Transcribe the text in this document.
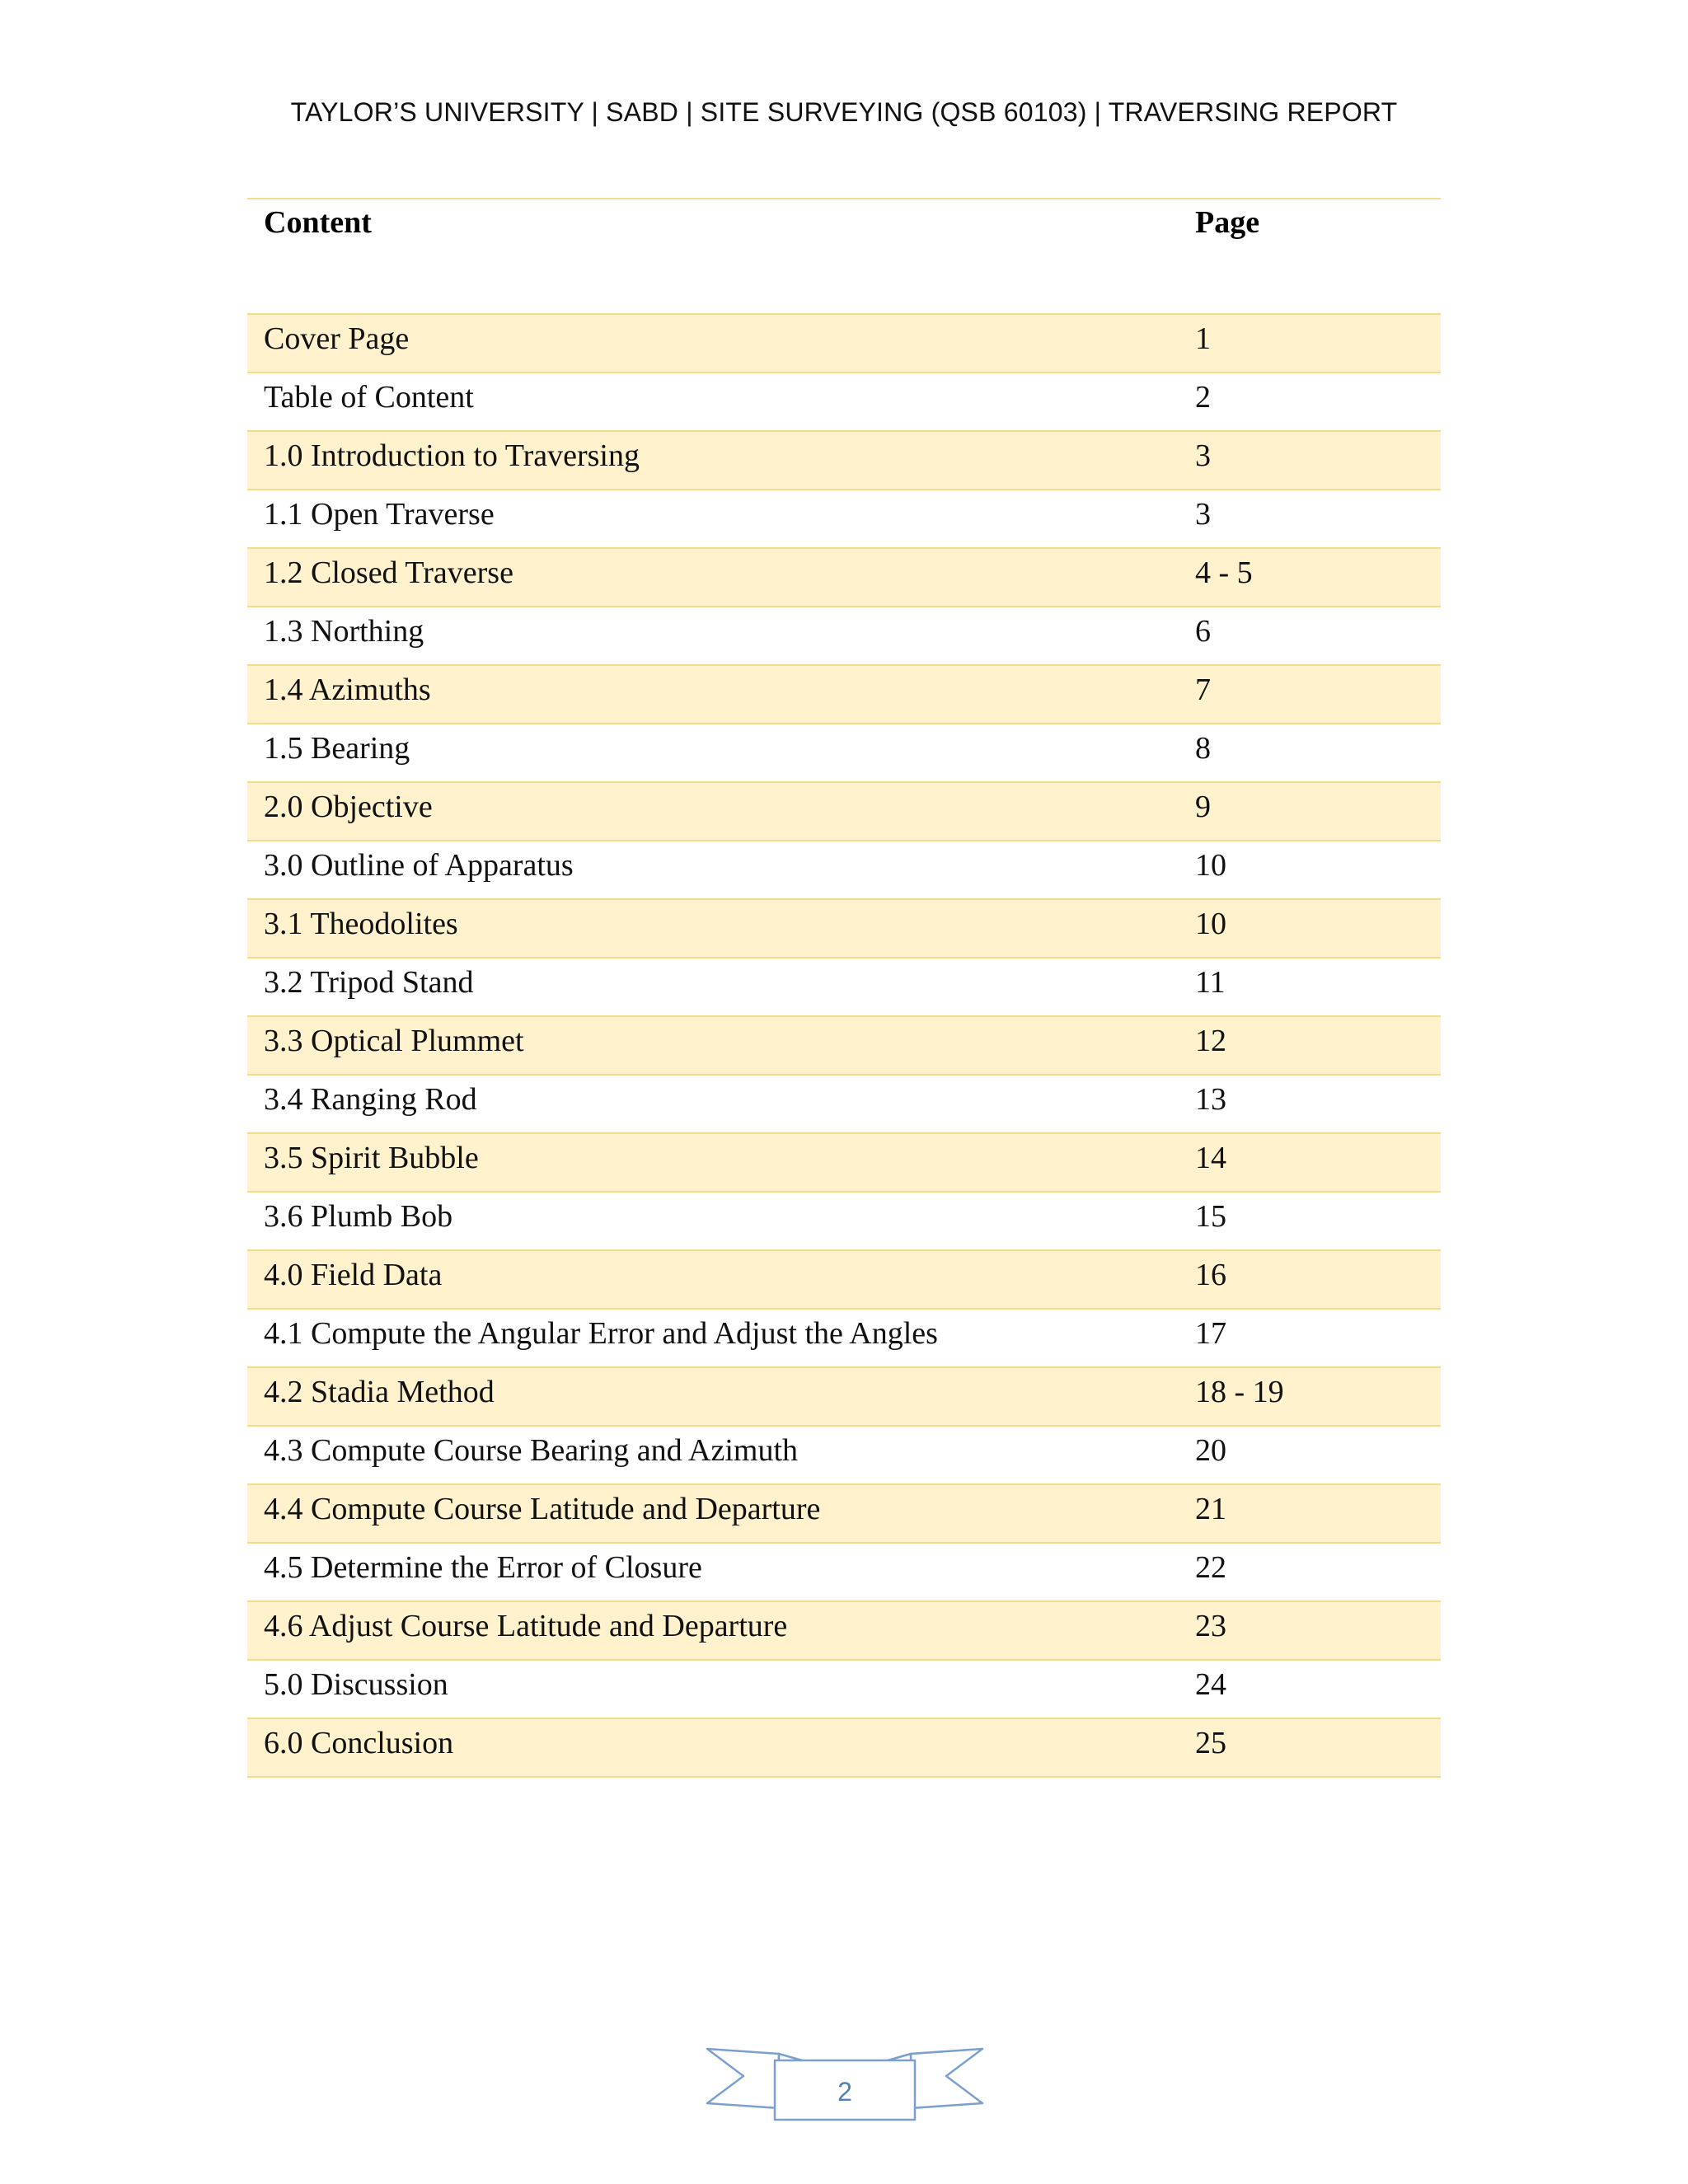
TAYLOR’S UNIVERSITY | SABD | SITE SURVEYING (QSB 60103) | TRAVERSING REPORT
Content	Page
Cover Page	1
Table of Content	2
1.0 Introduction to Traversing	3
1.1 Open Traverse	3
1.2 Closed Traverse	4 - 5
1.3 Northing	6
1.4 Azimuths	7
1.5 Bearing	8
2.0 Objective	9
3.0 Outline of Apparatus	10
3.1 Theodolites	10
3.2 Tripod Stand	11
3.3 Optical Plummet	12
3.4 Ranging Rod	13
3.5 Spirit Bubble	14
3.6 Plumb Bob	15
4.0 Field Data	16
4.1 Compute the Angular Error and Adjust the Angles	17
4.2 Stadia Method	18 - 19
4.3 Compute Course Bearing and Azimuth	20
4.4 Compute Course Latitude and Departure	21
4.5 Determine the Error of Closure	22
4.6 Adjust Course Latitude and Departure	23
5.0 Discussion	24
6.0 Conclusion	25
2
